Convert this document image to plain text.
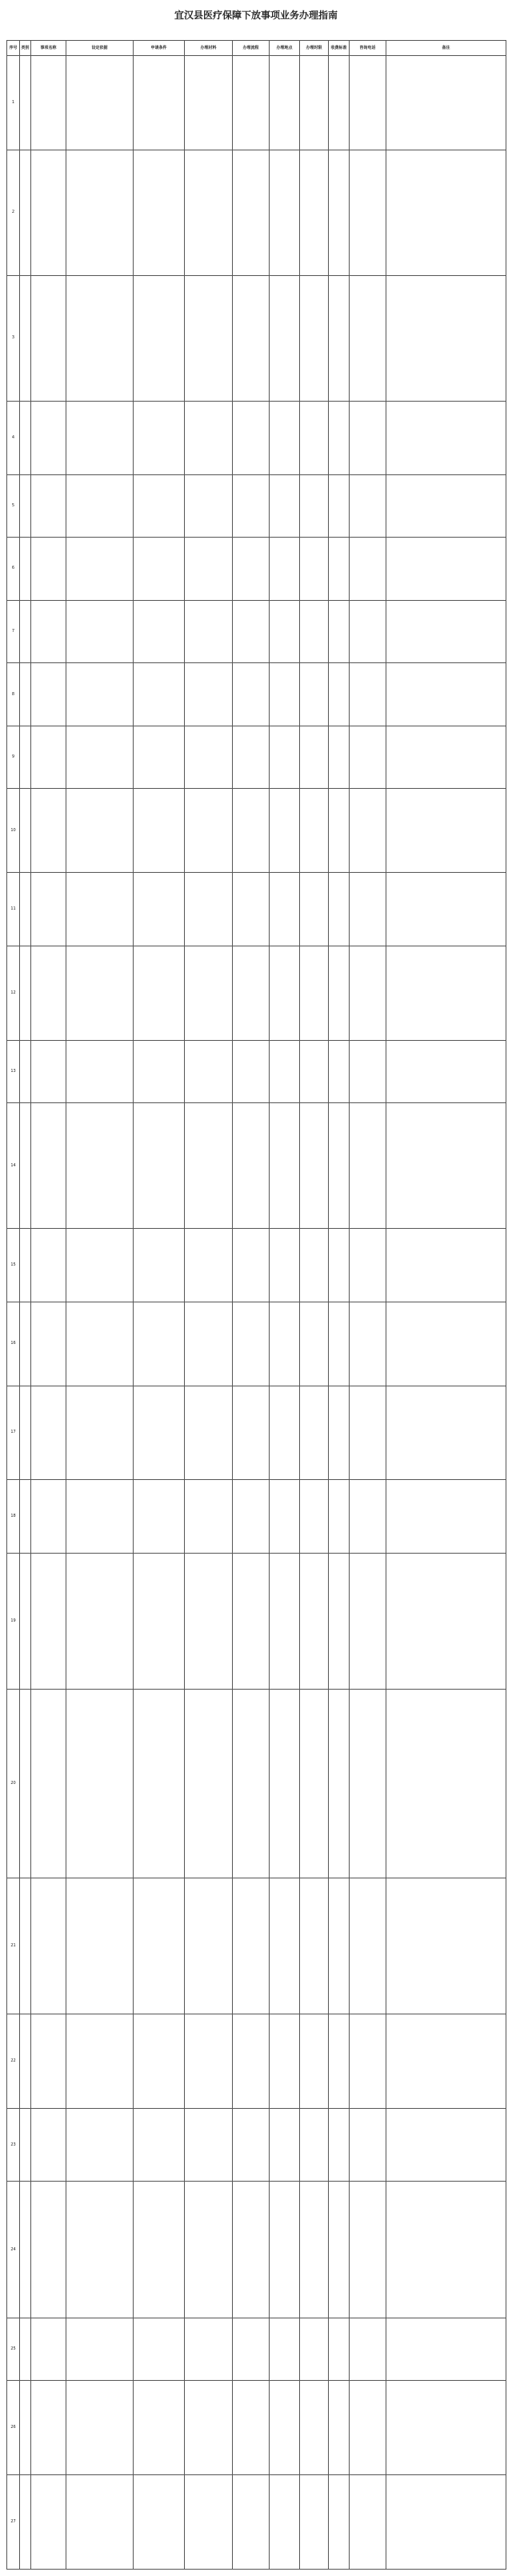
宜汉县医疗保障下放事项业务办理指南
序号	类别	事项名称	设定依据	申请条件	办理材料	办理流程	办理地点	办理时限	收费标准	咨询电话	备注
1											
2											
3											
4											
5											
6											
7											
8											
9											
10											
11											
12											
13											
14											
15											
16											
17											
18											
19											
20											
21											
22											
23											
24											
25											
26											
27											
